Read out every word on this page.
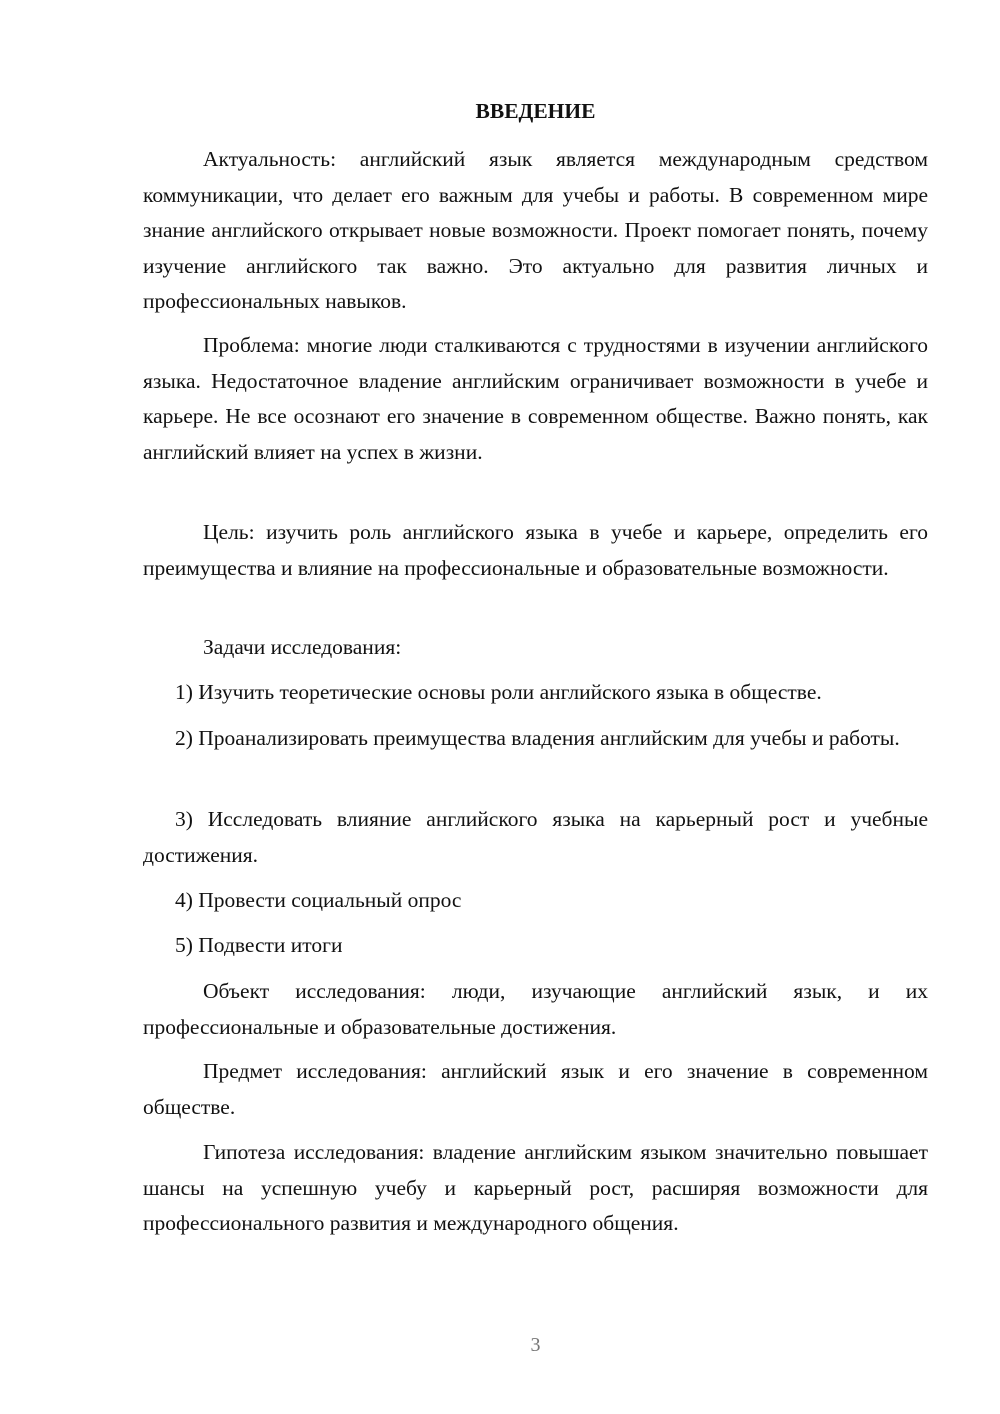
ВВЕДЕНИЕ

Актуальность: английский язык является международным средством коммуникации, что делает его важным для учебы и работы. В современном мире знание английского открывает новые возможности. Проект помогает понять, почему изучение английского так важно. Это актуально для развития личных и профессиональных навыков.

Проблема: многие люди сталкиваются с трудностями в изучении английского языка. Недостаточное владение английским ограничивает возможности в учебе и карьере. Не все осознают его значение в современном обществе. Важно понять, как английский влияет на успех в жизни.

Цель: изучить роль английского языка в учебе и карьере, определить его преимущества и влияние на профессиональные и образовательные возможности.

Задачи исследования:

1) Изучить теоретические основы роли английского языка в обществе.

2) Проанализировать преимущества владения английским для учебы и работы.

3) Исследовать влияние английского языка на карьерный рост и учебные достижения.

4) Провести социальный опрос

5) Подвести итоги

Объект исследования: люди, изучающие английский язык, и их профессиональные и образовательные достижения.

Предмет исследования: английский язык и его значение в современном обществе.

Гипотеза исследования: владение английским языком значительно повышает шансы на успешную учебу и карьерный рост, расширяя возможности для профессионального развития и международного общения.

3
